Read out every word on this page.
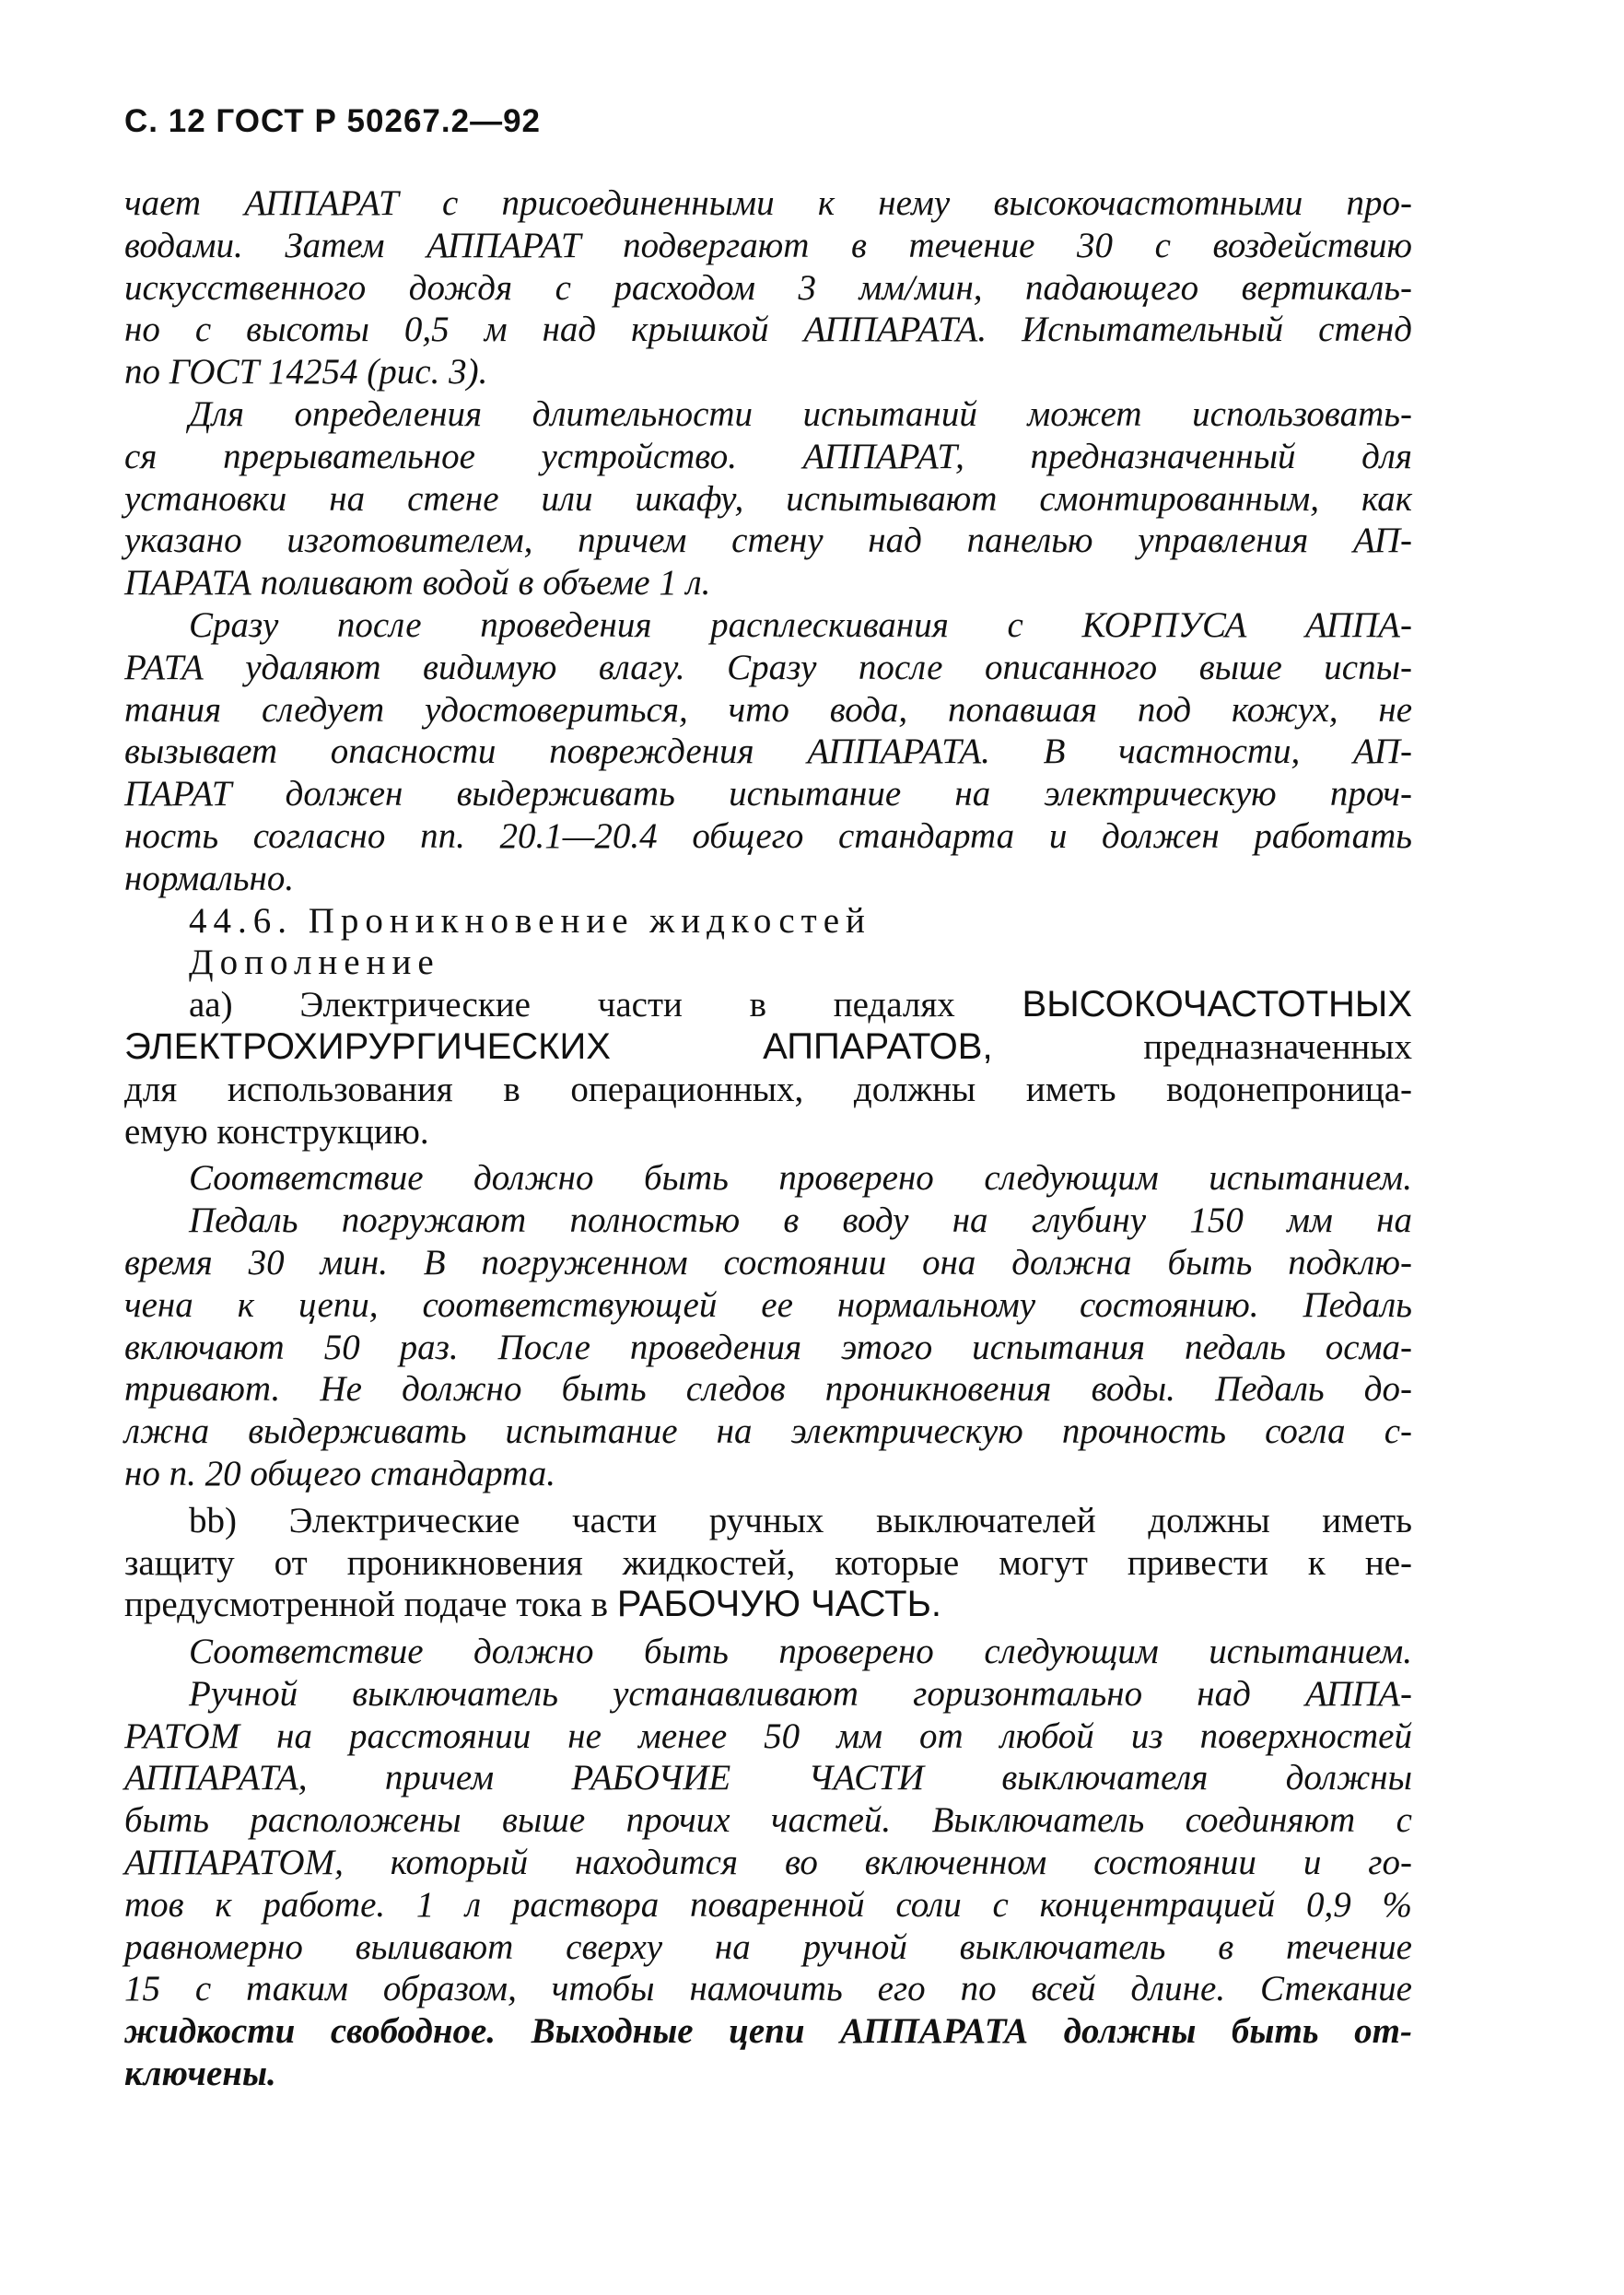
С. 12 ГОСТ Р 50267.2—92
чает АППАРАТ с присоединенными к нему высокочастотными про-
водами. Затем АППАРАТ подвергают в течение 30 с воздействию
искусственного дождя с расходом 3 мм/мин, падающего вертикаль-
но с высоты 0,5 м над крышкой АППАРАТА. Испытательный стенд
по ГОСТ 14254 (рис. 3).
Для определения длительности испытаний может использовать-
ся прерывательное устройство. АППАРАТ, предназначенный для
установки на стене или шкафу, испытывают смонтированным, как
указано изготовителем, причем стену над панелью управления АП-
ПАРАТА поливают водой в объеме 1 л.
Сразу после проведения расплескивания с КОРПУСА АППА-
РАТА удаляют видимую влагу. Сразу после описанного выше испы-
тания следует удостовериться, что вода, попавшая под кожух, не
вызывает опасности повреждения АППАРАТА. В частности, АП-
ПАРАТ должен выдерживать испытание на электрическую проч-
ность согласно пп. 20.1—20.4 общего стандарта и должен работать
нормально.
44.6. Проникновение жидкостей
Дополнение
аа) Электрические части в педалях ВЫСОКОЧАСТОТНЫХ
ЭЛЕКТРОХИРУРГИЧЕСКИХ АППАРАТОВ,	предназначенных
для использования в операционных, должны иметь водонепроница-
емую конструкцию.
Соответствие должно быть проверено следующим испытанием.
Педаль погружают полностью в воду на глубину 150 мм на
время 30 мин. В погруженном состоянии она должна быть подклю-
чена к цепи, соответствующей ее нормальному состоянию. Педаль
включают 50 раз. После проведения этого испытания педаль осма-
тривают. Не должно быть следов проникновения воды. Педаль до-
лжна выдерживать испытание на электрическую прочность согла с-
но п. 20 общего стандарта.
bb) Электрические части ручных выключателей должны иметь
защиту от проникновения жидкостей, которые могут привести к не-
предусмотренной подаче тока в РАБОЧУЮ ЧАСТЬ.
Соответствие должно быть проверено следующим испытанием.
Ручной выключатель устанавливают горизонтально над АППА-
РАТОМ на расстоянии не менее 50 мм от любой из поверхностей
АППАРАТА, причем РАБОЧИЕ ЧАСТИ выключателя должны
быть расположены выше прочих частей. Выключатель соединяют с
АППАРАТОМ, который находится во включенном состоянии и го-
тов к работе. 1 л раствора поваренной соли с концентрацией 0,9 %
равномерно выливают сверху на ручной выключатель в течение
15 с таким образом, чтобы намочить его по всей длине. Стекание
жидкости свободное. Выходные цепи АППАРАТА должны быть от-
ключены.
